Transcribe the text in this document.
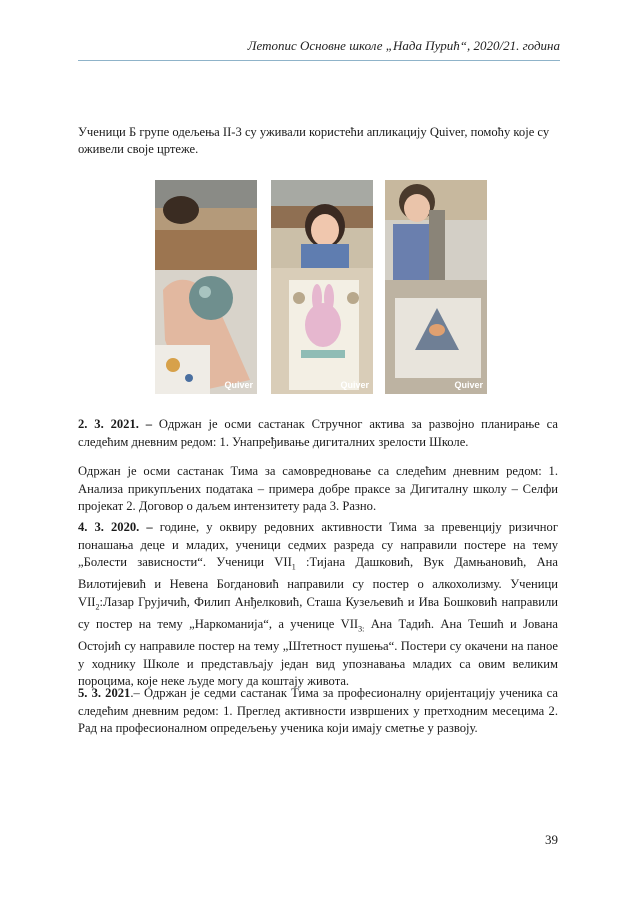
Летопис Основне школе „Нада Пурић“, 2020/21. година

Ученици Б групе одељења II-3 су уживали користећи апликацију Quiver, помоћу које су оживели своје цртеже.

Quiver	Quiver	Quiver

2. 3. 2021. – Одржан је осми састанак Стручног актива за развојно планирање са следећим дневним редом: 1. Унапређивање дигиталних зрелости Школе.

Одржан је осми састанак Тима за самовредновање са следећим дневним редом: 1. Анализа прикупљених података – примера добре праксе за Дигиталну школу – Селфи пројекат 2. Договор о даљем интензитету рада 3. Разно.

4. 3. 2020. – године, у оквиру редовних активности Тима за превенцију ризичног понашања деце и младих, ученици седмих разреда су направили постере на тему „Болести зависности“. Ученици $VII_1$ :Тијана Дашковић, Вук Дамњановић, Ана Вилотијевић и Невена Богдановић направили су постер о алкохолизму. Ученици $VII_2:Лазар$ Грујичић, Филип Анђелковић, Сташа Кузељевић и Ива Бошковић направили су постер на тему „Наркоманија“, а ученице $VII_{3:}$ Ана Тадић. Ана Тешић и Јована Остојић су направиле постер на тему „Штетност пушења“. Постери су окачени на паное у ходнику Школе и представљају један вид упознавања младих са овим великим пороцима, које неке људе могу да коштају живота.

5. 3. 2021.– Одржан је седми састанак Тима за професионалну оријентацију ученика са следећим дневним редом: 1. Преглед активности извршених у претходним месецима 2. Рад на професионалном опредељењу ученика који имају сметње у развоју.

39
